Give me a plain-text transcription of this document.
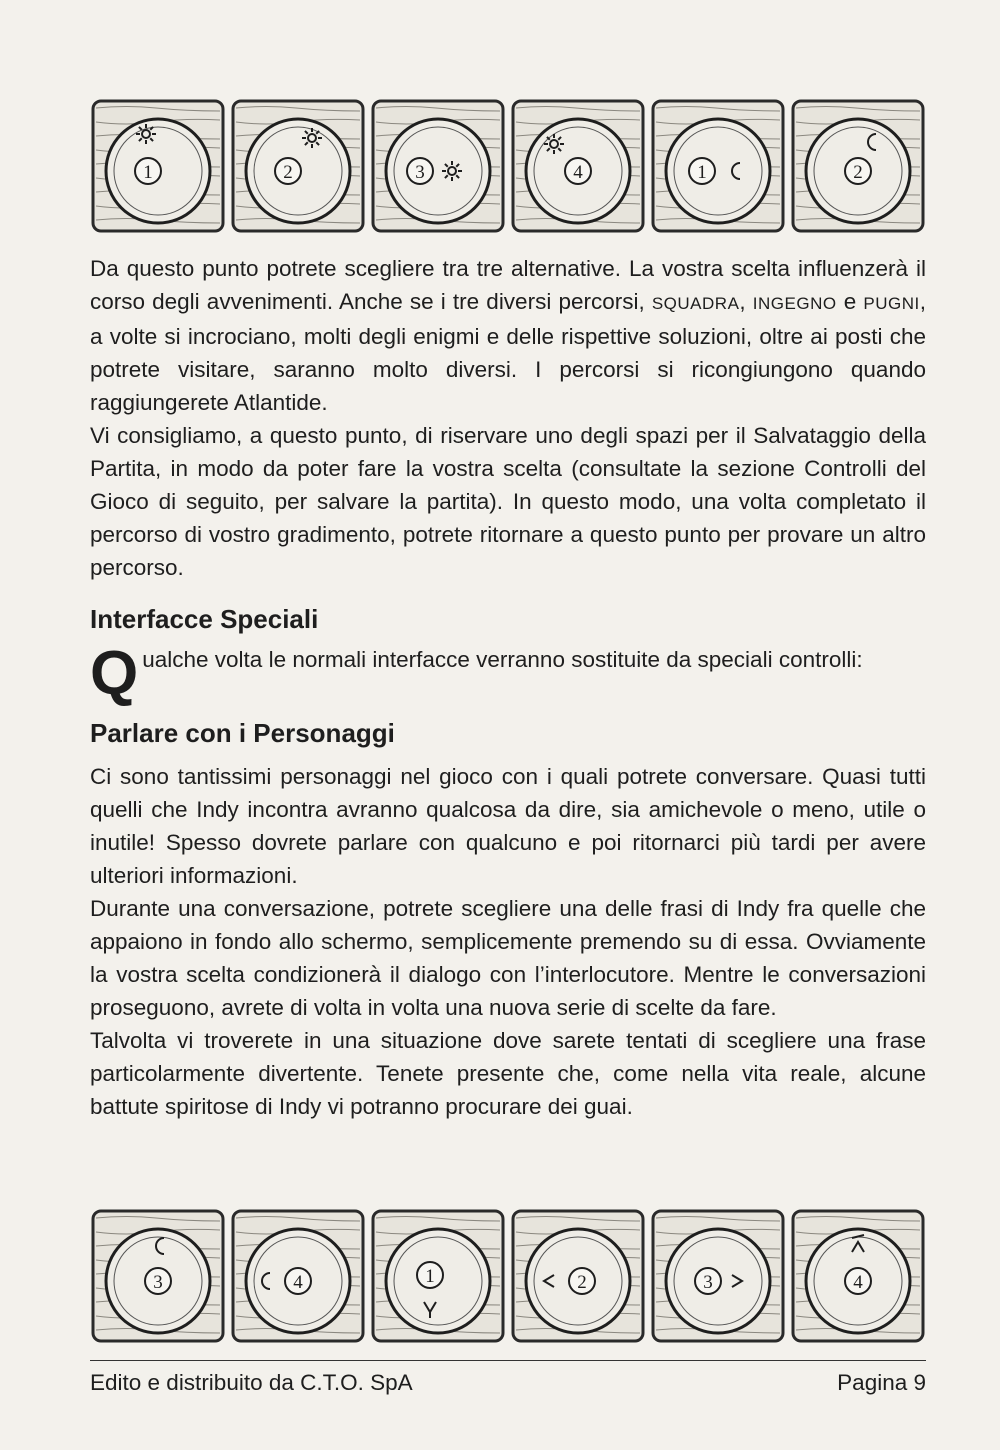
1	2	3	4	1	2

Da questo punto potrete scegliere tra tre alternative. La vostra scelta influenzerà il corso degli avvenimenti. Anche se i tre diversi percorsi, SQUADRA, INGEGNO e PUGNI, a volte si incrociano, molti degli enigmi e delle rispettive soluzioni, oltre ai posti che potrete visitare, saranno molto diversi. I percorsi si ricongiungono quando raggiungerete Atlantide.

Vi consigliamo, a questo punto, di riservare uno degli spazi per il Salvataggio della Partita, in modo da poter fare la vostra scelta (consultate la sezione Controlli del Gioco di seguito, per salvare la partita). In questo modo, una volta completato il percorso di vostro gradimento, potrete ritornare a questo punto per provare un altro percorso.

Interfacce Speciali
Qualche volta le normali interfacce verranno sostituite da speciali controlli:
Parlare con i Personaggi

Ci sono tantissimi personaggi nel gioco con i quali potrete conversare. Quasi tutti quelli che Indy incontra avranno qualcosa da dire, sia amichevole o meno, utile o inutile! Spesso dovrete parlare con qualcuno e poi ritornarci più tardi per avere ulteriori informazioni.

Durante una conversazione, potrete scegliere una delle frasi di Indy fra quelle che appaiono in fondo allo schermo, semplicemente premendo su di essa. Ovviamente la vostra scelta condizionerà il dialogo con l’interlocutore. Mentre le conversazioni proseguono, avrete di volta in volta una nuova serie di scelte da fare.

Talvolta vi troverete in una situazione dove sarete tentati di scegliere una frase particolarmente divertente. Tenete presente che, come nella vita reale, alcune battute spiritose di Indy vi potranno procurare dei guai.

3	4	1	2	3	4
Edito e distribuito da C.T.O. SpA	Pagina 9
